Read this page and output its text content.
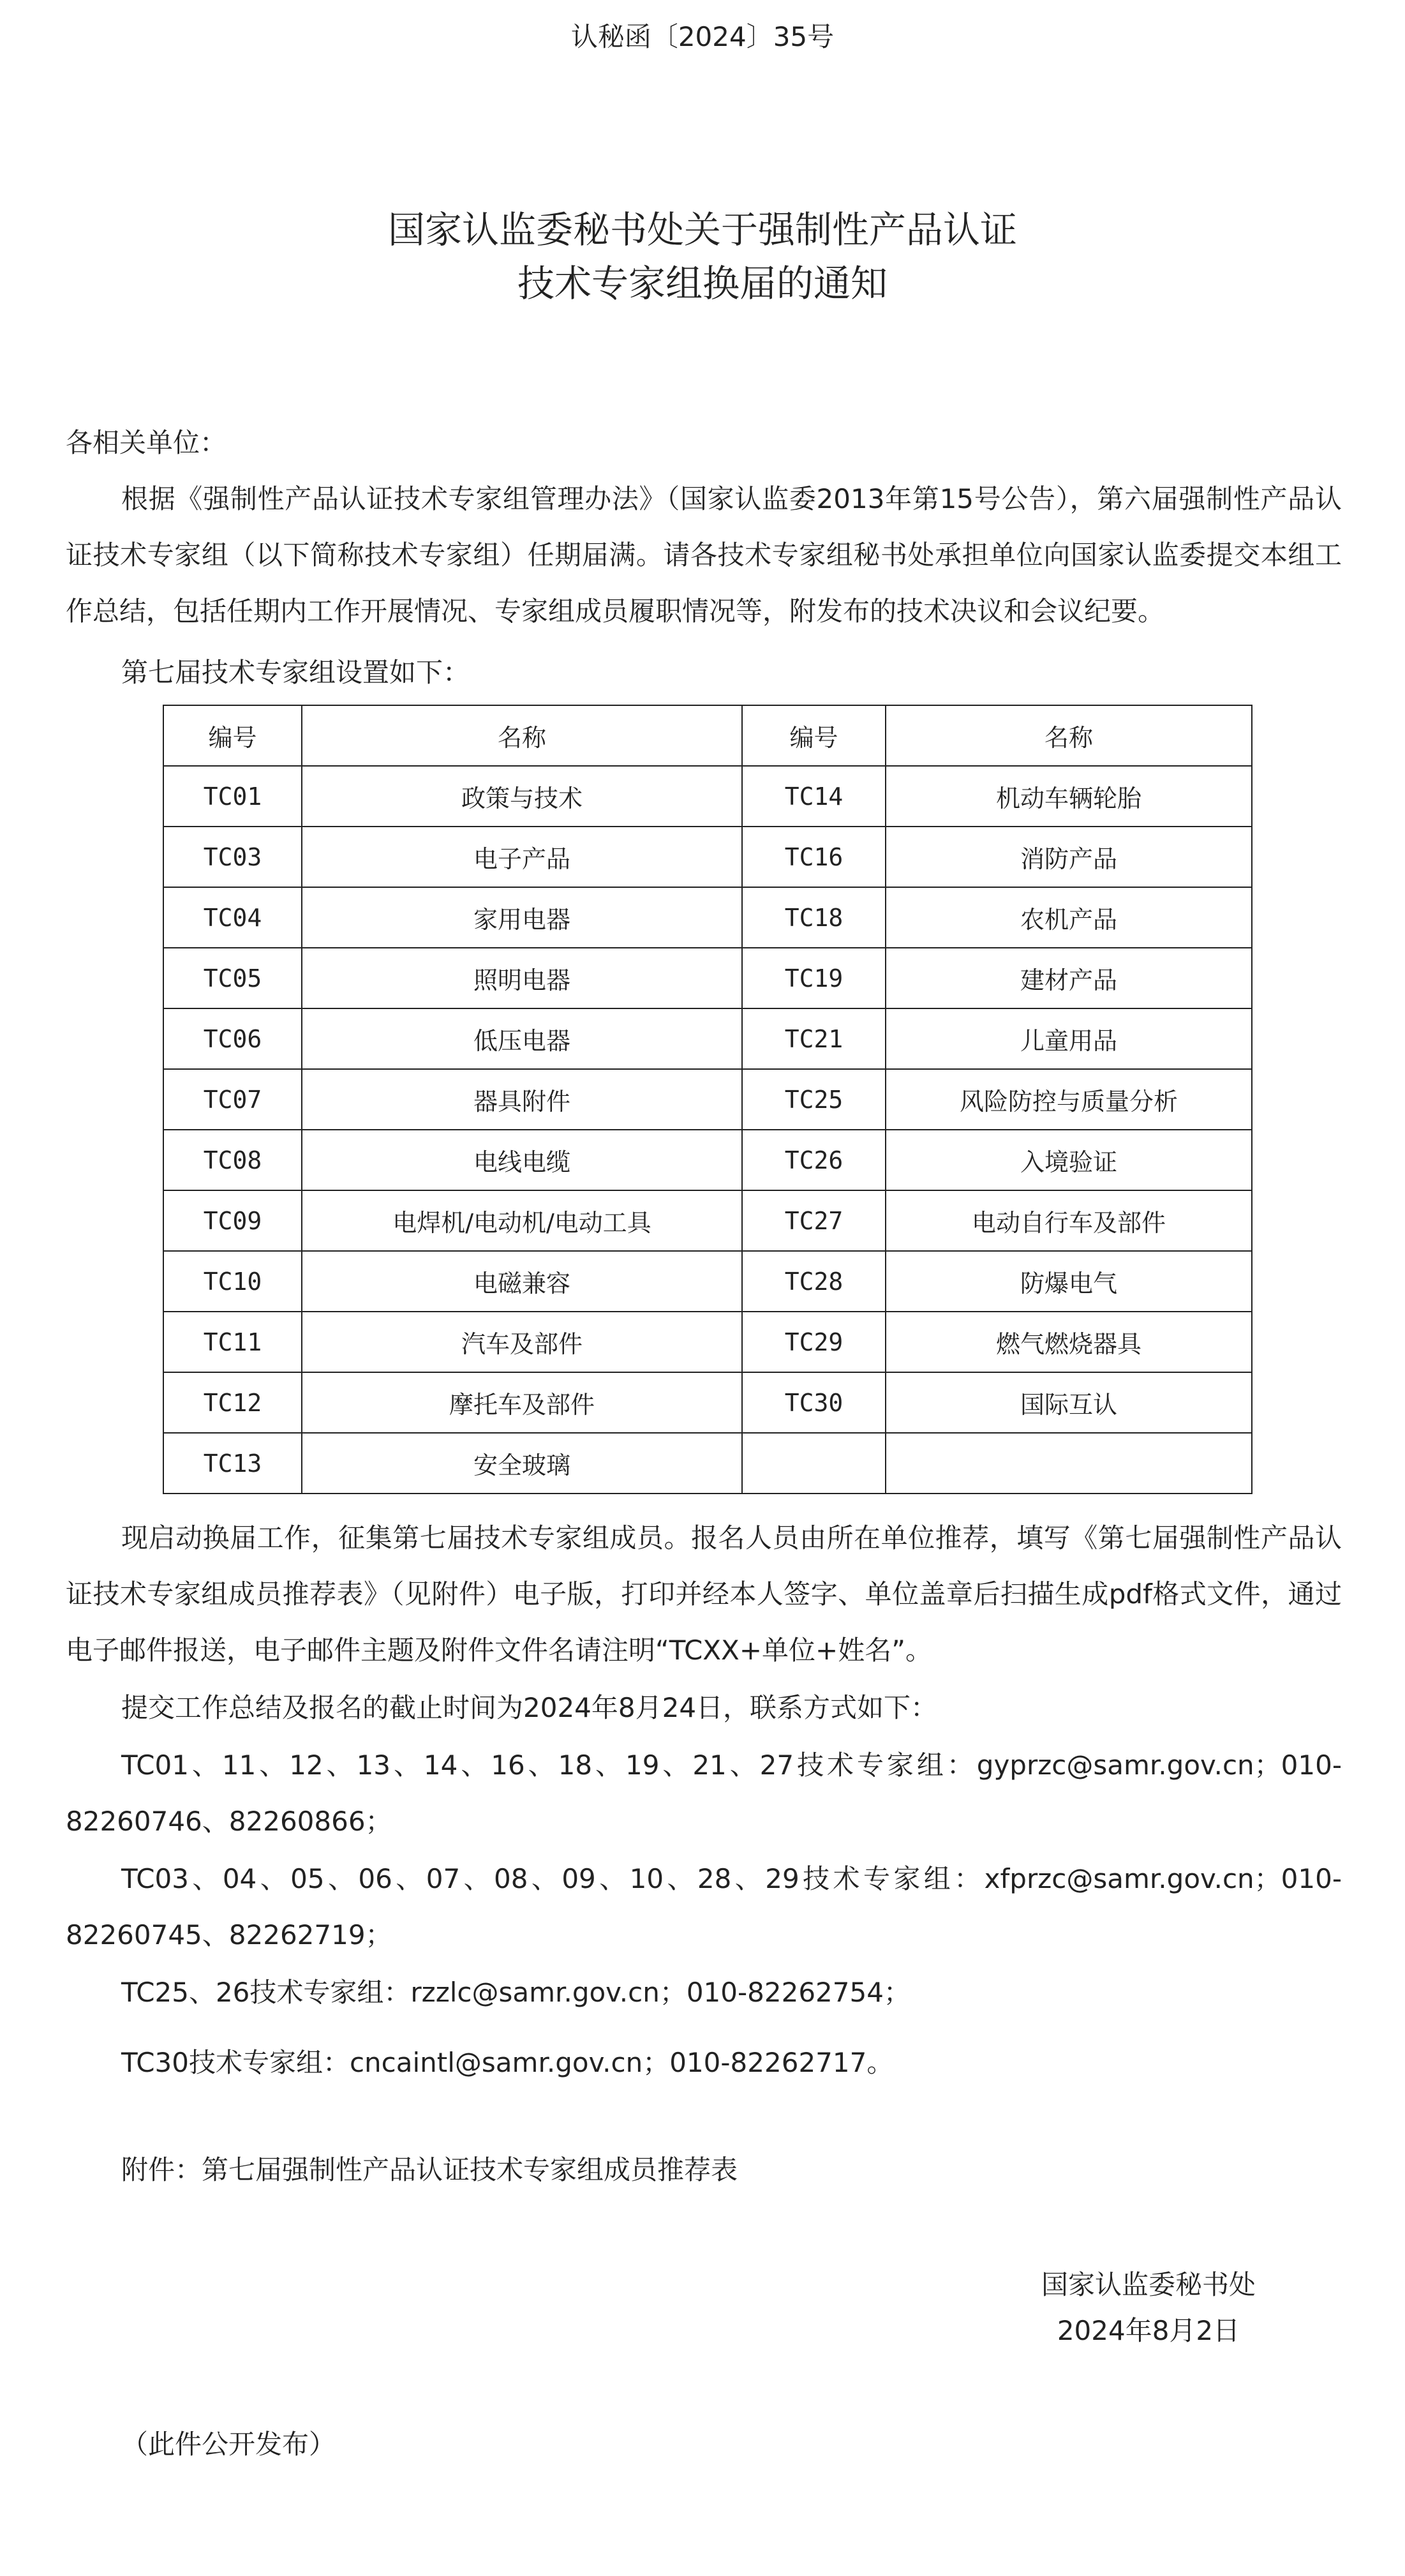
认秘函〔2024〕35号
国家认监委秘书处关于强制性产品认证
技术专家组换届的通知

各相关单位：

根据《强制性产品认证技术专家组管理办法》（国家认监委2013年第15号公告），第六届强制性产品认证技术专家组（以下简称技术专家组）任期届满。请各技术专家组秘书处承担单位向国家认监委提交本组工作总结，包括任期内工作开展情况、专家组成员履职情况等，附发布的技术决议和会议纪要。

第七届技术专家组设置如下：

编号	名称	编号	名称
TC01	政策与技术	TC14	机动车辆轮胎
TC03	电子产品	TC16	消防产品
TC04	家用电器	TC18	农机产品
TC05	照明电器	TC19	建材产品
TC06	低压电器	TC21	儿童用品
TC07	器具附件	TC25	风险防控与质量分析
TC08	电线电缆	TC26	入境验证
TC09	电焊机/电动机/电动工具	TC27	电动自行车及部件
TC10	电磁兼容	TC28	防爆电气
TC11	汽车及部件	TC29	燃气燃烧器具
TC12	摩托车及部件	TC30	国际互认
TC13	安全玻璃		

现启动换届工作，征集第七届技术专家组成员。报名人员由所在单位推荐，填写《第七届强制性产品认证技术专家组成员推荐表》（见附件）电子版，打印并经本人签字、单位盖章后扫描生成pdf格式文件，通过电子邮件报送，电子邮件主题及附件文件名请注明“TCXX+单位+姓名”。

提交工作总结及报名的截止时间为2024年8月24日，联系方式如下：

TC01、11、12、13、14、16、18、19、21、27技术专家组：gyprzc@samr.gov.cn；010-82260746、82260866；

TC03、04、05、06、07、08、09、10、28、29技术专家组：xfprzc@samr.gov.cn；010-82260745、82262719；

TC25、26技术专家组：rzzlc@samr.gov.cn；010-82262754；

TC30技术专家组：cncaintl@samr.gov.cn；010-82262717。

附件：第七届强制性产品认证技术专家组成员推荐表

国家认监委秘书处
2024年8月2日
（此件公开发布）
